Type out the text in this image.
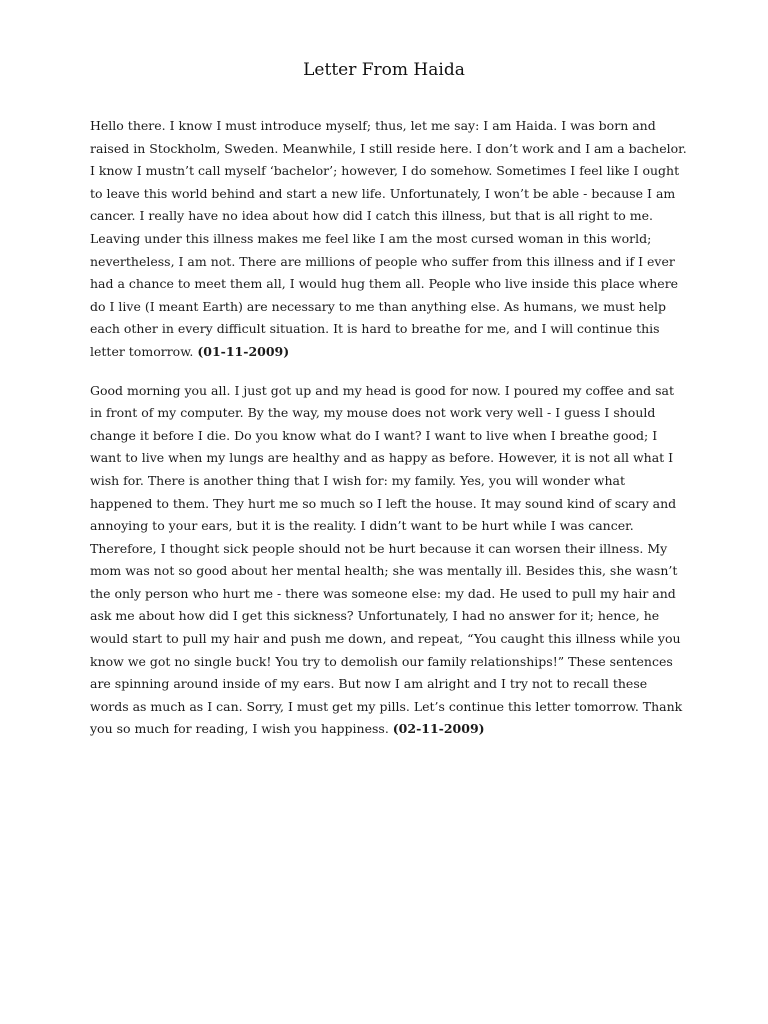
Letter From Haida

Hello there. I know I must introduce myself; thus, let me say: I am Haida. I was born and
raised in Stockholm, Sweden. Meanwhile, I still reside here. I don’t work and I am a bachelor.
I know I mustn’t call myself ‘bachelor’; however, I do somehow. Sometimes I feel like I ought
to leave this world behind and start a new life. Unfortunately, I won’t be able - because I am
cancer. I really have no idea about how did I catch this illness, but that is all right to me.
Leaving under this illness makes me feel like I am the most cursed woman in this world;
nevertheless, I am not. There are millions of people who suffer from this illness and if I ever
had a chance to meet them all, I would hug them all. People who live inside this place where
do I live (I meant Earth) are necessary to me than anything else. As humans, we must help
each other in every difficult situation. It is hard to breathe for me, and I will continue this
letter tomorrow. (01-11-2009)

Good morning you all. I just got up and my head is good for now. I poured my coffee and sat
in front of my computer. By the way, my mouse does not work very well - I guess I should
change it before I die. Do you know what do I want? I want to live when I breathe good; I
want to live when my lungs are healthy and as happy as before. However, it is not all what I
wish for. There is another thing that I wish for: my family. Yes, you will wonder what
happened to them. They hurt me so much so I left the house. It may sound kind of scary and
annoying to your ears, but it is the reality. I didn’t want to be hurt while I was cancer.
Therefore, I thought sick people should not be hurt because it can worsen their illness. My
mom was not so good about her mental health; she was mentally ill. Besides this, she wasn’t
the only person who hurt me - there was someone else: my dad. He used to pull my hair and
ask me about how did I get this sickness? Unfortunately, I had no answer for it; hence, he
would start to pull my hair and push me down, and repeat, “You caught this illness while you
know we got no single buck! You try to demolish our family relationships!” These sentences
are spinning around inside of my ears. But now I am alright and I try not to recall these
words as much as I can. Sorry, I must get my pills. Let’s continue this letter tomorrow. Thank
you so much for reading, I wish you happiness. (02-11-2009)
